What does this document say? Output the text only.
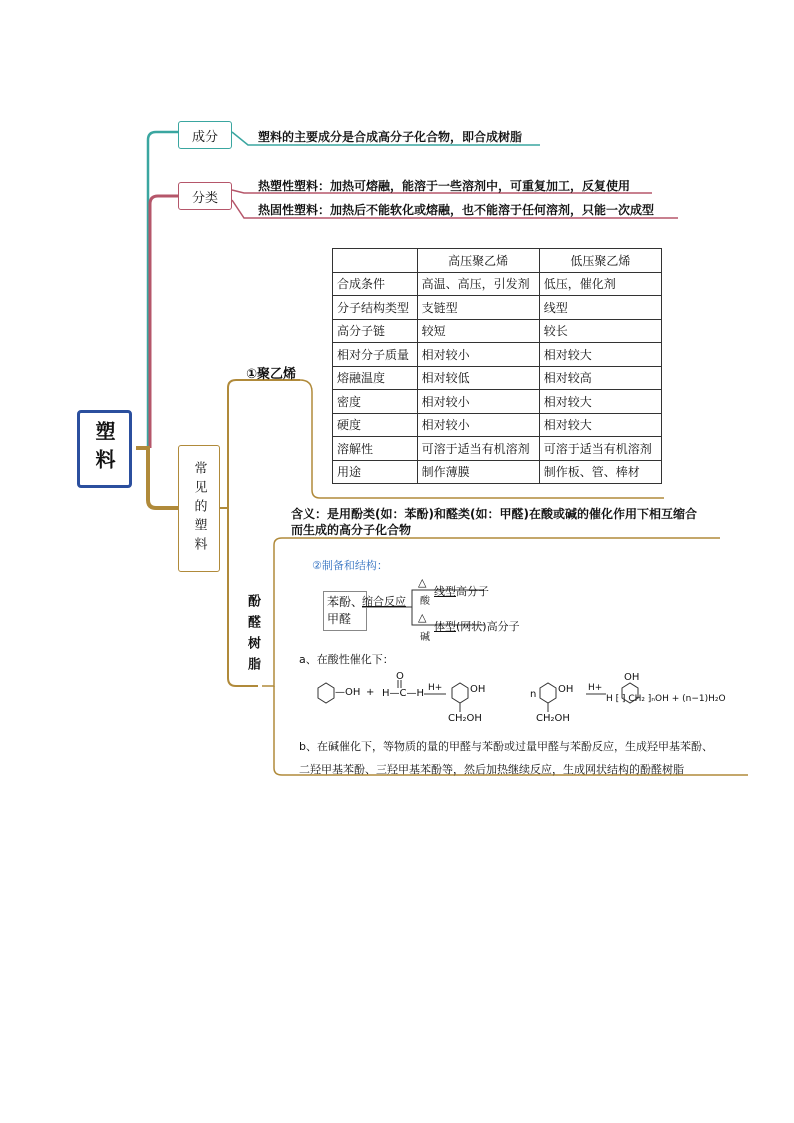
塑料
成分	塑料的主要成分是合成高分子化合物，即合成树脂
分类
热塑性塑料：加热可熔融，能溶于一些溶剂中，可重复加工，反复使用
热固性塑料：加热后不能软化或熔融，也不能溶于任何溶剂，只能一次成型
常见的塑料
①聚乙烯
	高压聚乙烯	低压聚乙烯
合成条件	高温、高压，引发剂	低压，催化剂
分子结构类型	支链型	线型
高分子链	较短	较长
相对分子质量	相对较小	相对较大
熔融温度	相对较低	相对较高
密度	相对较小	相对较大
硬度	相对较小	相对较大
溶解性	可溶于适当有机溶剂	可溶于适当有机溶剂
用途	制作薄膜	制作板、管、棒材
酚醛树脂
含义：是用酚类(如：苯酚)和醛类(如：甲醛)在酸或碱的催化作用下相互缩合
而生成的高分子化合物
②制备和结构：
苯酚、
甲醛
缩合反应
△
酸
线型高分子
△
碱
体型(网状)高分子
a、在酸性催化下：
—OH + H—C—H
O
H+	OH
CH₂OH
n OH
CH₂OH
H+
OH
H ⁅ ⁆ CH₂ ⁆ₙOH + (n−1)H₂O
b、在碱催化下，等物质的量的甲醛与苯酚或过量甲醛与苯酚反应，生成羟甲基苯酚、
二羟甲基苯酚、三羟甲基苯酚等，然后加热继续反应，生成网状结构的酚醛树脂
